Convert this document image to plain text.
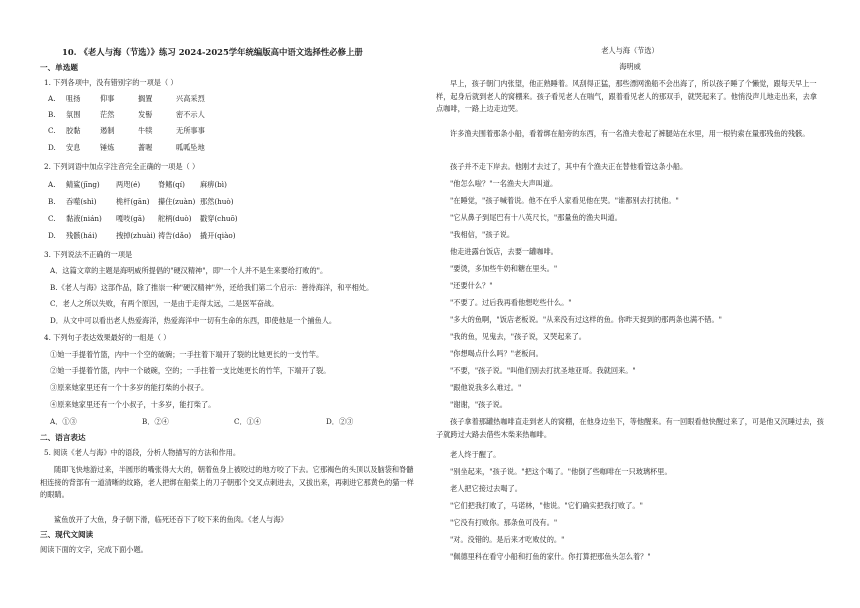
10. 《老人与海（节选）》练习 2024-2025学年统编版高中语文选择性必修上册
一、单选题
1. 下列各项中，没有错别字的一项是（ ）
A. 咀扬	仰事	搁置	兴高采烈
B. 氛围	茫然	发髻	密不示人
C. 胶黏	遏制	牛犊	无所事事
D. 安息	锤炼	蔷喔	呱呱坠地
2. 下列词语中加点字注音完全正确的一项是（ ）
A. 鲭鲨(jīng) 两咫(é) 脊鳍(qí) 麻痹(bì)
B. 吞噬(shì)	桅杆(gān) 攥住(zuàn) 那然(huò)
C. 黏液(nián) 嘎吱(gā) 舵柄(duò) 戳穿(chuō)
D. 残骸(hái)	拽掉(zhuài) 祷告(dǎo) 撬开(qiào)
3. 下列说法不正确的一项是
A．这篇文章的主题是海明威所提倡的"硬汉精神"，即"一个人并不是生来要给打败的"。
B.《老人与海》这部作品，除了推崇一种"硬汉精神"外，还给我们第二个启示：善待海洋，和平相处。
C．老人之所以失败，有两个原因，一是由于走得太远，二是医军奋战。
D．从文中可以看出老人热爱海洋，热爱海洋中一切有生命的东西，即使他是一个捕鱼人。
4. 下列句子表达效果最好的一组是（ ）
①她一手提着竹篮，内中一个空的破碗；一手拄着下端开了裂的比她更长的一支竹竿。
②她一手提着竹篮，内中一个破碗，空的；一手拄着一支比她更长的竹竿，下端开了裂。
③原来她家里还有一个十多岁的能打柴的小叔子。
④原来她家里还有一个小叔子，十多岁，能打柴了。
A．①③	B．②④	C．①④	D．②③
二、语言表达
5. 阅读《老人与海》中的语段，分析人物描写的方法和作用。
随即飞快地游过来，半圆形的嘴张得大大的，朝着鱼身上被咬过的地方咬了下去。它那褐色的头顶以及脑袋和脊髓相连接的背部有一道清晰的纹路，老人把绑在船桨上的刀子朝那个交叉点刺进去，又拔出来，再刺进它那黄色的猫一样的眼睛。
鲨鱼放开了大鱼，身子朝下滑，临死还吞下了咬下来的鱼肉。《老人与海》
三、现代文阅读
阅读下面的文字，完成下面小题。
老人与海（节选）
海明威
早上，孩子朝门内张望，他正熟睡着。风刮得正猛，那些漂网渔船不会出海了，所以孩子睡了个懒觉，跟每天早上一样，起身后就到老人的窝棚来。孩子看见老人在喘气，跟着看见老人的那双手，就哭起来了。他悄没声儿地走出来，去拿点咖啡，一路上边走边哭。
许多渔夫围着那条小船，看着绑在船旁的东西，有一名渔夫卷起了裤腿站在水里，用一根钓索在量那残鱼的残骸。
孩子并不走下岸去。他刚才去过了，其中有个渔夫正在替他看管这条小船。
"他怎么啦？"一名渔夫大声叫道。
"在睡觉，"孩子喊着说。他不在乎人家看见他在哭。"谁都别去打扰他。"
"它从鼻子到尾巴有十八英尺长，"那量鱼的渔夫叫道。
"我相信，"孩子说。
他走进露台饭店，去要一罐咖啡。
"要烫，多加些牛奶和糖在里头。"
"还要什么？"
"不要了。过后我再看他想吃些什么。"
"多大的鱼啊，"饭店老板说。"从来没有过这样的鱼。你昨天捉到的那两条也满不错。"
"我的鱼，见鬼去，"孩子说，又哭起来了。
"你想喝点什么吗？"老板问。
"不要，"孩子说。"叫他们别去打扰圣地亚哥。我就回来。"
"跟他说我多么难过。"
"谢谢，"孩子说。
孩子拿着那罐热咖啡直走到老人的窝棚，在他身边坐下，等他醒来。有一回眼看他快醒过来了，可是他又沉睡过去，孩子就跨过大路去借些木柴来热咖啡。
老人终于醒了。
"别坐起来，"孩子说。"把这个喝了。"他倒了些咖啡在一只玻璃杯里。
老人把它接过去喝了。
"它们把我打败了，马诺林，"他说。"它们确实把我打败了。"
"它没有打败你。那条鱼可没有。"
"对。没错的。是后来才吃败仗的。"
"佩德里科在看守小船和打鱼的家什。你打算把那鱼头怎么着？"
